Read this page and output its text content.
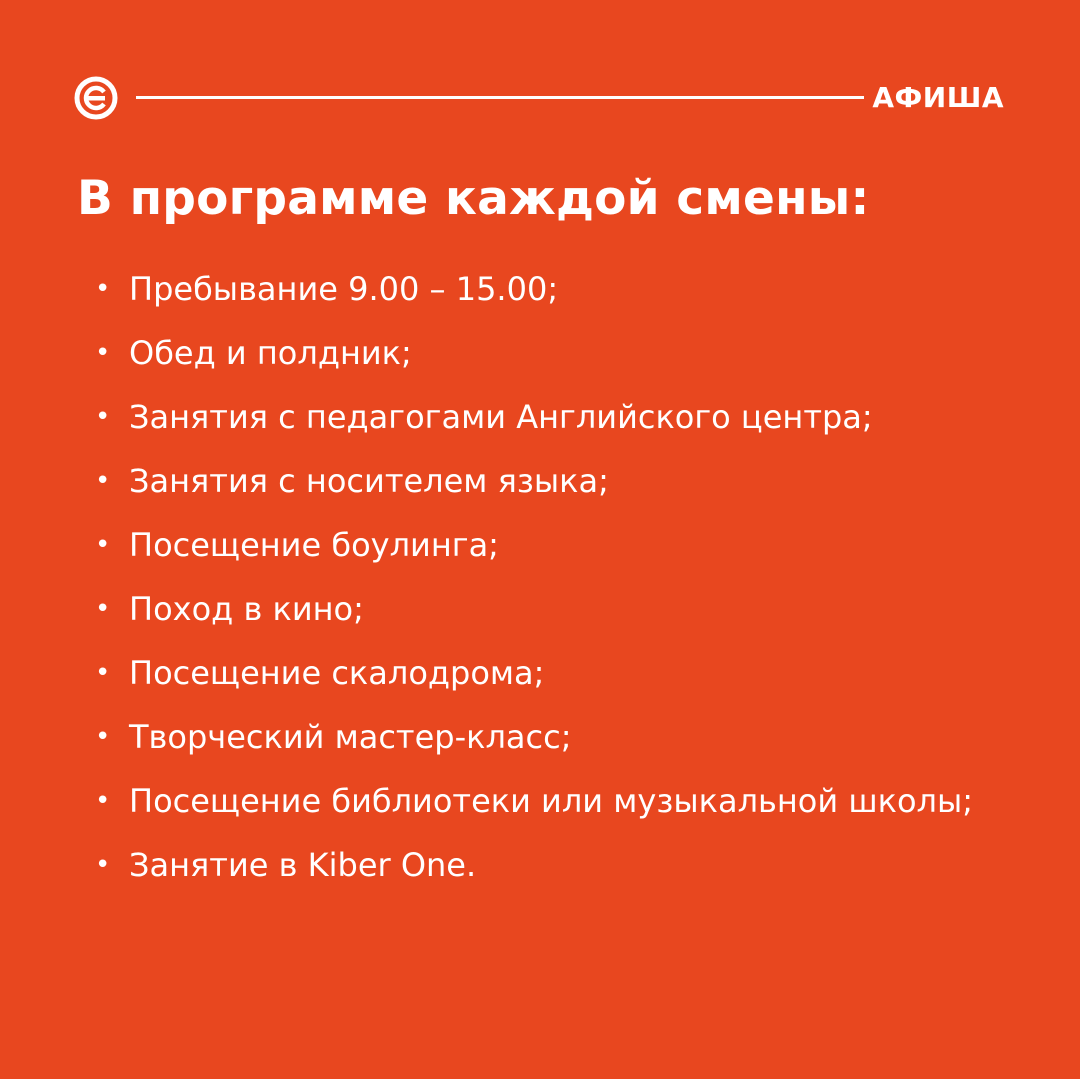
АФИША
В программе каждой смены:
• Пребывание 9.00 – 15.00;
• Обед и полдник;
• Занятия с педагогами Английского центра;
• Занятия с носителем языка;
• Посещение боулинга;
• Поход в кино;
• Посещение скалодрома;
• Творческий мастер-класс;
• Посещение библиотеки или музыкальной школы;
• Занятие в Kiber One.
